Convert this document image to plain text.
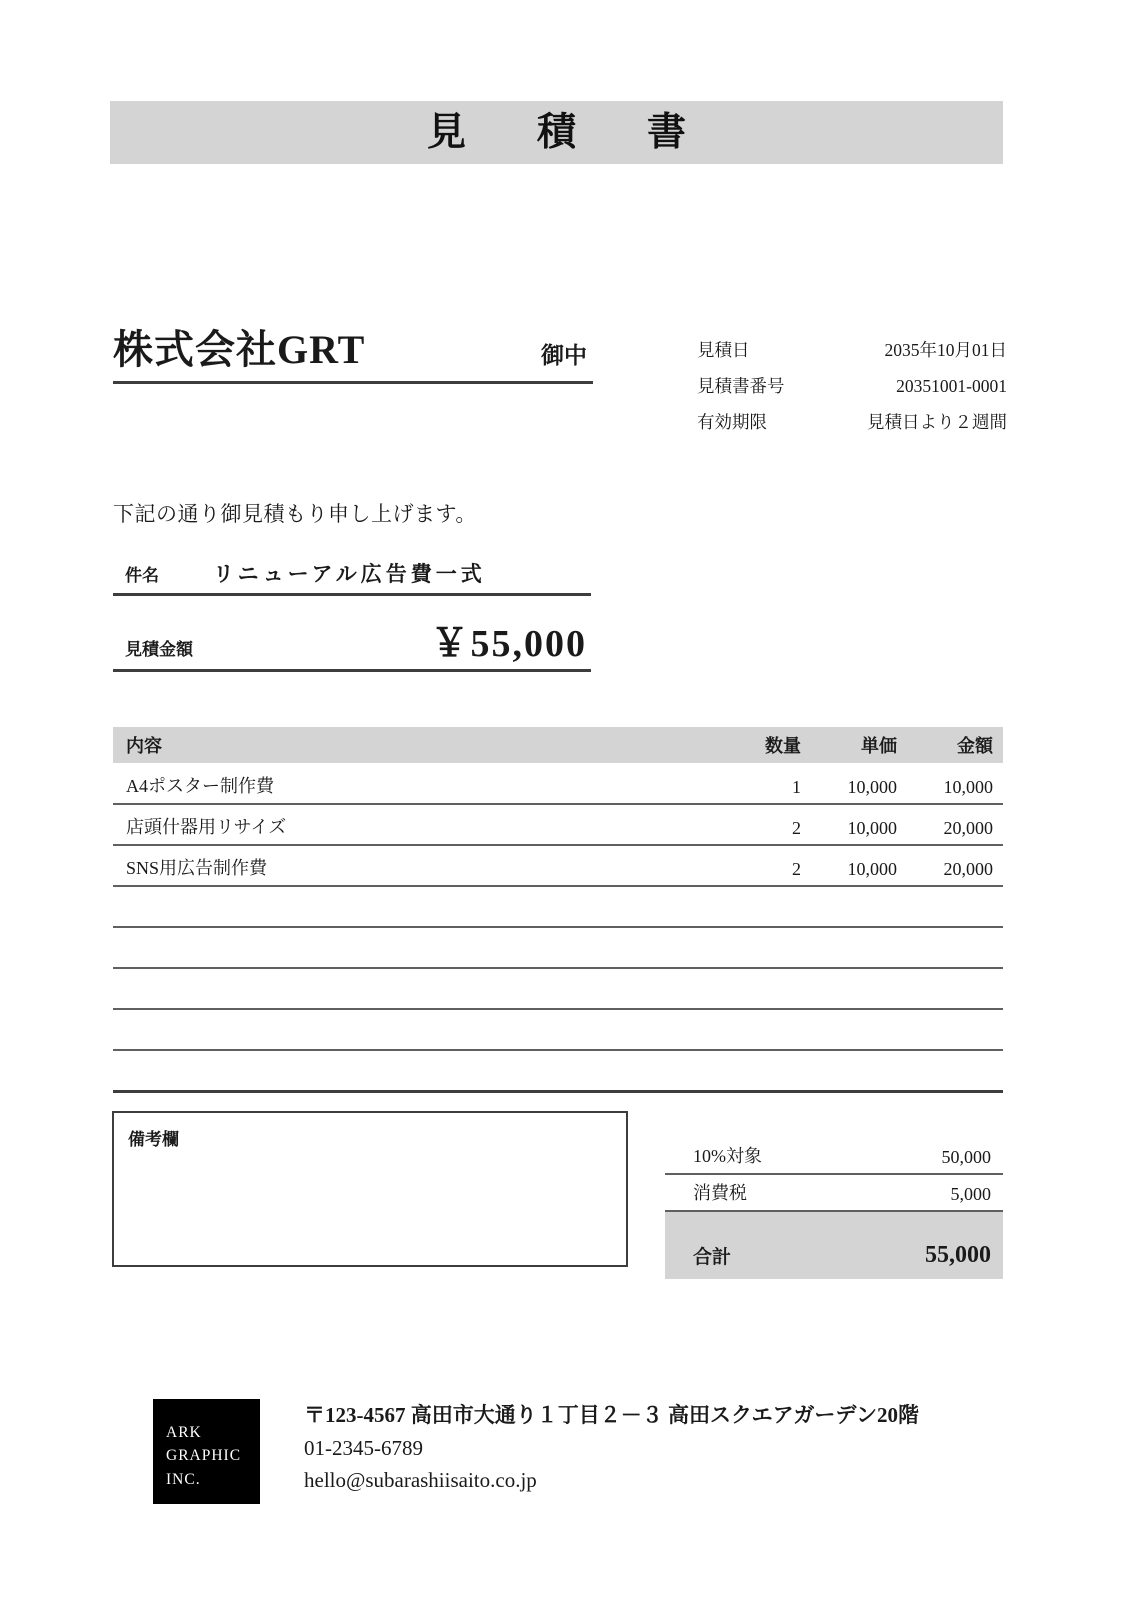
見　積　書
株式会社GRT	御中	見積日	2035年10月01日
見積書番号	20351001-0001
有効期限	見積日より２週間
下記の通り御見積もり申し上げます。
件名	リニューアル広告費一式
見積金額	￥55,000
内容	数量	単価	金額
A4ポスター制作費	1	10,000	10,000
店頭什器用リサイズ	2	10,000	20,000
SNS用広告制作費	2	10,000	20,000

備考欄
10%対象	50,000
消費税	5,000
合計	55,000
ARK
GRAPHIC
INC.
〒123-4567 高田市大通り１丁目２－３ 高田スクエアガーデン20階
01-2345-6789
hello@subarashiisaito.co.jp
